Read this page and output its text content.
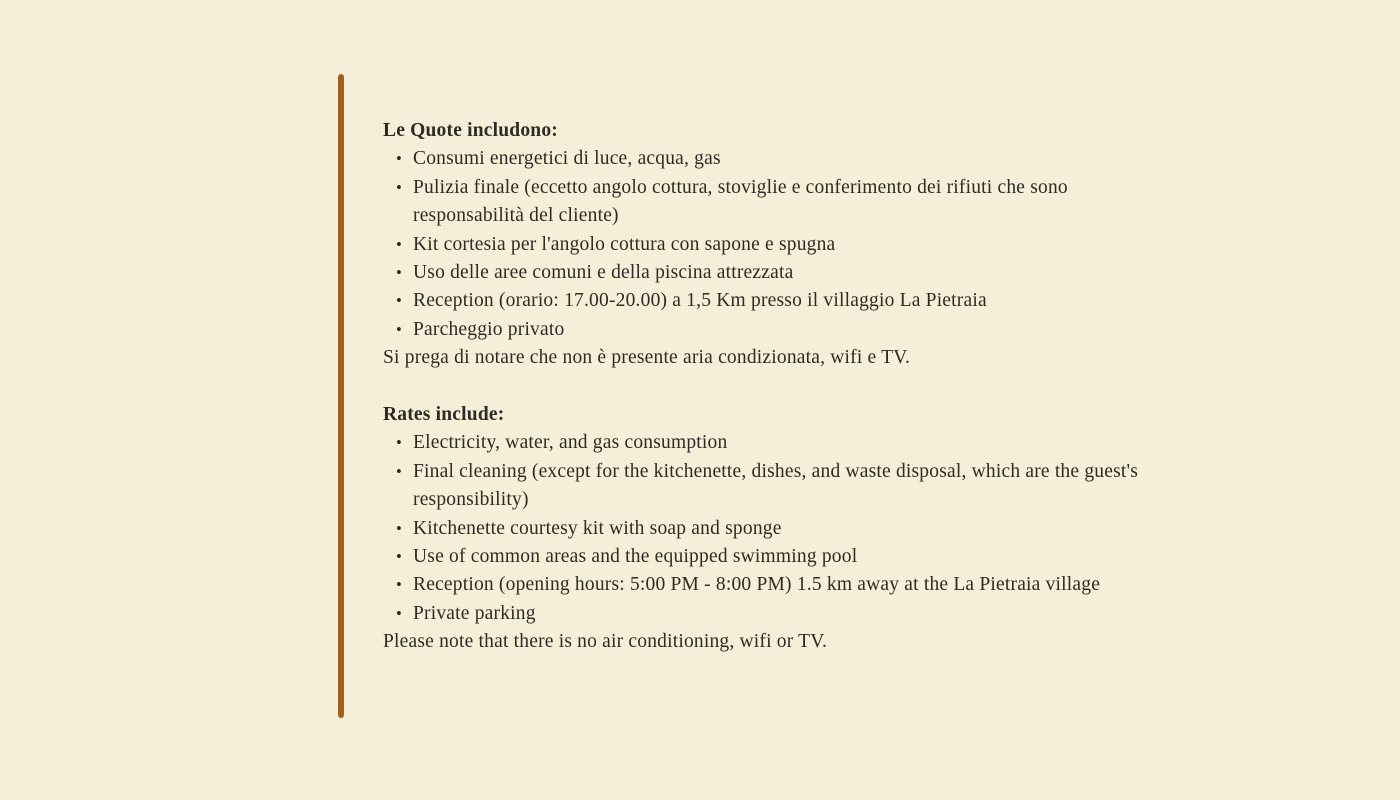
Le Quote includono:
• Consumi energetici di luce, acqua, gas
• Pulizia finale (eccetto angolo cottura, stoviglie e conferimento dei rifiuti che sono responsabilità del cliente)
• Kit cortesia per l'angolo cottura con sapone e spugna
• Uso delle aree comuni e della piscina attrezzata
• Reception (orario: 17.00-20.00) a 1,5 Km presso il villaggio La Pietraia
• Parcheggio privato

Si prega di notare che non è presente aria condizionata, wifi e TV.

Rates include:
• Electricity, water, and gas consumption
• Final cleaning (except for the kitchenette, dishes, and waste disposal, which are the guest's responsibility)
• Kitchenette courtesy kit with soap and sponge
• Use of common areas and the equipped swimming pool
• Reception (opening hours: 5:00 PM - 8:00 PM) 1.5 km away at the La Pietraia village
• Private parking

Please note that there is no air conditioning, wifi or TV.
